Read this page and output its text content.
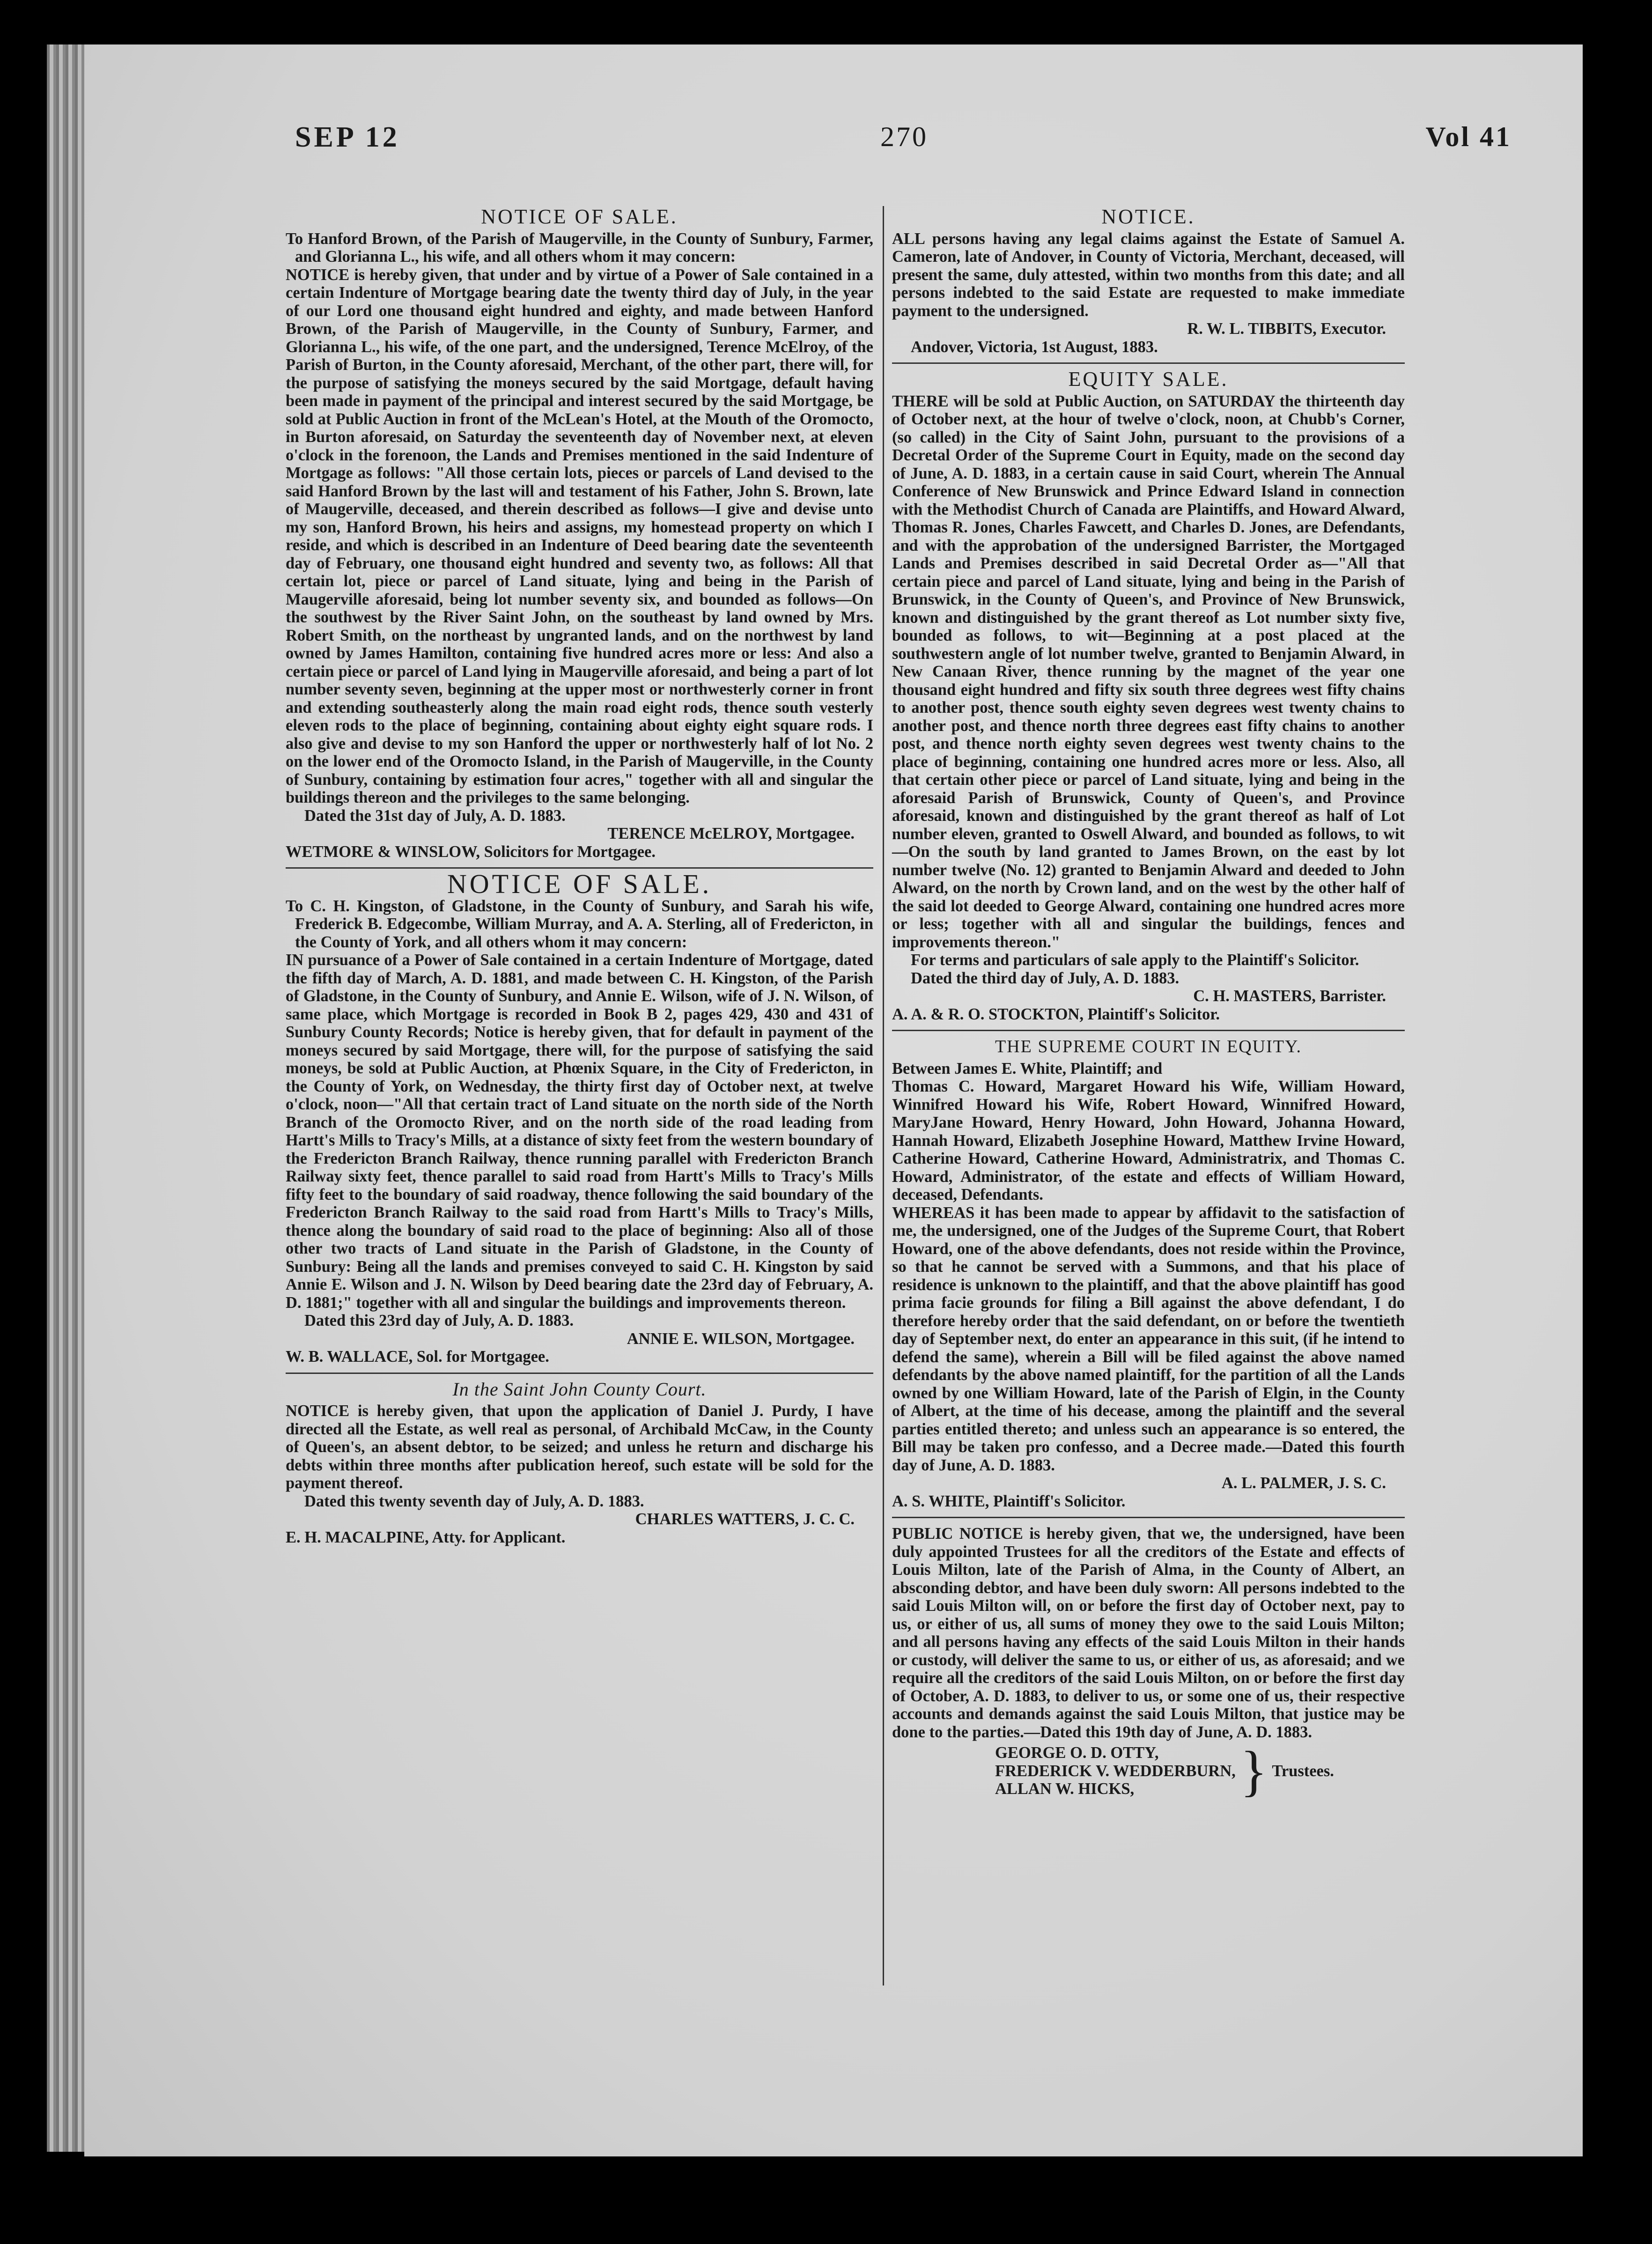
SEP 12	270	Vol 41
NOTICE OF SALE.
To Hanford Brown, of the Parish of Maugerville, in the County of Sunbury, Farmer, and Glorianna L., his wife, and all others whom it may concern:
NOTICE is hereby given, that under and by virtue of a Power of Sale contained in a certain Indenture of Mortgage bearing date the twenty third day of July, in the year of our Lord one thousand eight hundred and eighty, and made between Hanford Brown, of the Parish of Maugerville, in the County of Sunbury, Farmer, and Glorianna L., his wife, of the one part, and the undersigned, Terence McElroy, of the Parish of Burton, in the County aforesaid, Merchant, of the other part, there will, for the purpose of satisfying the moneys secured by the said Mortgage, default having been made in payment of the principal and interest secured by the said Mortgage, be sold at Public Auction in front of the McLean's Hotel, at the Mouth of the Oromocto, in Burton aforesaid, on Saturday the seventeenth day of November next, at eleven o'clock in the forenoon, the Lands and Premises mentioned in the said Indenture of Mortgage as follows: "All those certain lots, pieces or parcels of Land devised to the said Hanford Brown by the last will and testament of his Father, John S. Brown, late of Maugerville, deceased, and therein described as follows—I give and devise unto my son, Hanford Brown, his heirs and assigns, my homestead property on which I reside, and which is described in an Indenture of Deed bearing date the seventeenth day of February, one thousand eight hundred and seventy two, as follows: All that certain lot, piece or parcel of Land situate, lying and being in the Parish of Maugerville aforesaid, being lot number seventy six, and bounded as follows—On the southwest by the River Saint John, on the southeast by land owned by Mrs. Robert Smith, on the northeast by ungranted lands, and on the northwest by land owned by James Hamilton, containing five hundred acres more or less: And also a certain piece or parcel of Land lying in Maugerville aforesaid, and being a part of lot number seventy seven, beginning at the upper most or northwesterly corner in front and extending southeasterly along the main road eight rods, thence south vesterly eleven rods to the place of beginning, containing about eighty eight square rods. I also give and devise to my son Hanford the upper or northwesterly half of lot No. 2 on the lower end of the Oromocto Island, in the Parish of Maugerville, in the County of Sunbury, containing by estimation four acres," together with all and singular the buildings thereon and the privileges to the same belonging.
Dated the 31st day of July, A. D. 1883.
TERENCE McELROY, Mortgagee.
WETMORE & WINSLOW, Solicitors for Mortgagee.
NOTICE OF SALE.
To C. H. Kingston, of Gladstone, in the County of Sunbury, and Sarah his wife, Frederick B. Edgecombe, William Murray, and A. A. Sterling, all of Fredericton, in the County of York, and all others whom it may concern:
IN pursuance of a Power of Sale contained in a certain Indenture of Mortgage, dated the fifth day of March, A. D. 1881, and made between C. H. Kingston, of the Parish of Gladstone, in the County of Sunbury, and Annie E. Wilson, wife of J. N. Wilson, of same place, which Mortgage is recorded in Book B 2, pages 429, 430 and 431 of Sunbury County Records; Notice is hereby given, that for default in payment of the moneys secured by said Mortgage, there will, for the purpose of satisfying the said moneys, be sold at Public Auction, at Phœnix Square, in the City of Fredericton, in the County of York, on Wednesday, the thirty first day of October next, at twelve o'clock, noon—"All that certain tract of Land situate on the north side of the North Branch of the Oromocto River, and on the north side of the road leading from Hartt's Mills to Tracy's Mills, at a distance of sixty feet from the western boundary of the Fredericton Branch Railway, thence running parallel with Fredericton Branch Railway sixty feet, thence parallel to said road from Hartt's Mills to Tracy's Mills fifty feet to the boundary of said roadway, thence following the said boundary of the Fredericton Branch Railway to the said road from Hartt's Mills to Tracy's Mills, thence along the boundary of said road to the place of beginning: Also all of those other two tracts of Land situate in the Parish of Gladstone, in the County of Sunbury: Being all the lands and premises conveyed to said C. H. Kingston by said Annie E. Wilson and J. N. Wilson by Deed bearing date the 23rd day of February, A. D. 1881;" together with all and singular the buildings and improvements thereon.
Dated this 23rd day of July, A. D. 1883.
ANNIE E. WILSON, Mortgagee.
W. B. WALLACE, Sol. for Mortgagee.
In the Saint John County Court.
NOTICE is hereby given, that upon the application of Daniel J. Purdy, I have directed all the Estate, as well real as personal, of Archibald McCaw, in the County of Queen's, an absent debtor, to be seized; and unless he return and discharge his debts within three months after publication hereof, such estate will be sold for the payment thereof.
Dated this twenty seventh day of July, A. D. 1883.
CHARLES WATTERS, J. C. C.
E. H. MACALPINE, Atty. for Applicant.
NOTICE.
ALL persons having any legal claims against the Estate of Samuel A. Cameron, late of Andover, in County of Victoria, Merchant, deceased, will present the same, duly attested, within two months from this date; and all persons indebted to the said Estate are requested to make immediate payment to the undersigned.
R. W. L. TIBBITS, Executor.
Andover, Victoria, 1st August, 1883.
EQUITY SALE.
THERE will be sold at Public Auction, on SATURDAY the thirteenth day of October next, at the hour of twelve o'clock, noon, at Chubb's Corner, (so called) in the City of Saint John, pursuant to the provisions of a Decretal Order of the Supreme Court in Equity, made on the second day of June, A. D. 1883, in a certain cause in said Court, wherein The Annual Conference of New Brunswick and Prince Edward Island in connection with the Methodist Church of Canada are Plaintiffs, and Howard Alward, Thomas R. Jones, Charles Fawcett, and Charles D. Jones, are Defendants, and with the approbation of the undersigned Barrister, the Mortgaged Lands and Premises described in said Decretal Order as—"All that certain piece and parcel of Land situate, lying and being in the Parish of Brunswick, in the County of Queen's, and Province of New Brunswick, known and distinguished by the grant thereof as Lot number sixty five, bounded as follows, to wit—Beginning at a post placed at the southwestern angle of lot number twelve, granted to Benjamin Alward, in New Canaan River, thence running by the magnet of the year one thousand eight hundred and fifty six south three degrees west fifty chains to another post, thence south eighty seven degrees west twenty chains to another post, and thence north three degrees east fifty chains to another post, and thence north eighty seven degrees west twenty chains to the place of beginning, containing one hundred acres more or less. Also, all that certain other piece or parcel of Land situate, lying and being in the aforesaid Parish of Brunswick, County of Queen's, and Province aforesaid, known and distinguished by the grant thereof as half of Lot number eleven, granted to Oswell Alward, and bounded as follows, to wit—On the south by land granted to James Brown, on the east by lot number twelve (No. 12) granted to Benjamin Alward and deeded to John Alward, on the north by Crown land, and on the west by the other half of the said lot deeded to George Alward, containing one hundred acres more or less; together with all and singular the buildings, fences and improvements thereon."
For terms and particulars of sale apply to the Plaintiff's Solicitor.
Dated the third day of July, A. D. 1883.
C. H. MASTERS, Barrister.
A. A. & R. O. STOCKTON, Plaintiff's Solicitor.
THE SUPREME COURT IN EQUITY.
Between James E. White, Plaintiff; and
Thomas C. Howard, Margaret Howard his Wife, William Howard, Winnifred Howard his Wife, Robert Howard, Winnifred Howard, MaryJane Howard, Henry Howard, John Howard, Johanna Howard, Hannah Howard, Elizabeth Josephine Howard, Matthew Irvine Howard, Catherine Howard, Catherine Howard, Administratrix, and Thomas C. Howard, Administrator, of the estate and effects of William Howard, deceased, Defendants.
WHEREAS it has been made to appear by affidavit to the satisfaction of me, the undersigned, one of the Judges of the Supreme Court, that Robert Howard, one of the above defendants, does not reside within the Province, so that he cannot be served with a Summons, and that his place of residence is unknown to the plaintiff, and that the above plaintiff has good prima facie grounds for filing a Bill against the above defendant, I do therefore hereby order that the said defendant, on or before the twentieth day of September next, do enter an appearance in this suit, (if he intend to defend the same), wherein a Bill will be filed against the above named defendants by the above named plaintiff, for the partition of all the Lands owned by one William Howard, late of the Parish of Elgin, in the County of Albert, at the time of his decease, among the plaintiff and the several parties entitled thereto; and unless such an appearance is so entered, the Bill may be taken pro confesso, and a Decree made.—Dated this fourth day of June, A. D. 1883.
A. L. PALMER, J. S. C.
A. S. WHITE, Plaintiff's Solicitor.
PUBLIC NOTICE is hereby given, that we, the undersigned, have been duly appointed Trustees for all the creditors of the Estate and effects of Louis Milton, late of the Parish of Alma, in the County of Albert, an absconding debtor, and have been duly sworn: All persons indebted to the said Louis Milton will, on or before the first day of October next, pay to us, or either of us, all sums of money they owe to the said Louis Milton; and all persons having any effects of the said Louis Milton in their hands or custody, will deliver the same to us, or either of us, as aforesaid; and we require all the creditors of the said Louis Milton, on or before the first day of October, A. D. 1883, to deliver to us, or some one of us, their respective accounts and demands against the said Louis Milton, that justice may be done to the parties.—Dated this 19th day of June, A. D. 1883.
GEORGE O. D. OTTY,
FREDERICK V. WEDDERBURN,
ALLAN W. HICKS,	} Trustees.
